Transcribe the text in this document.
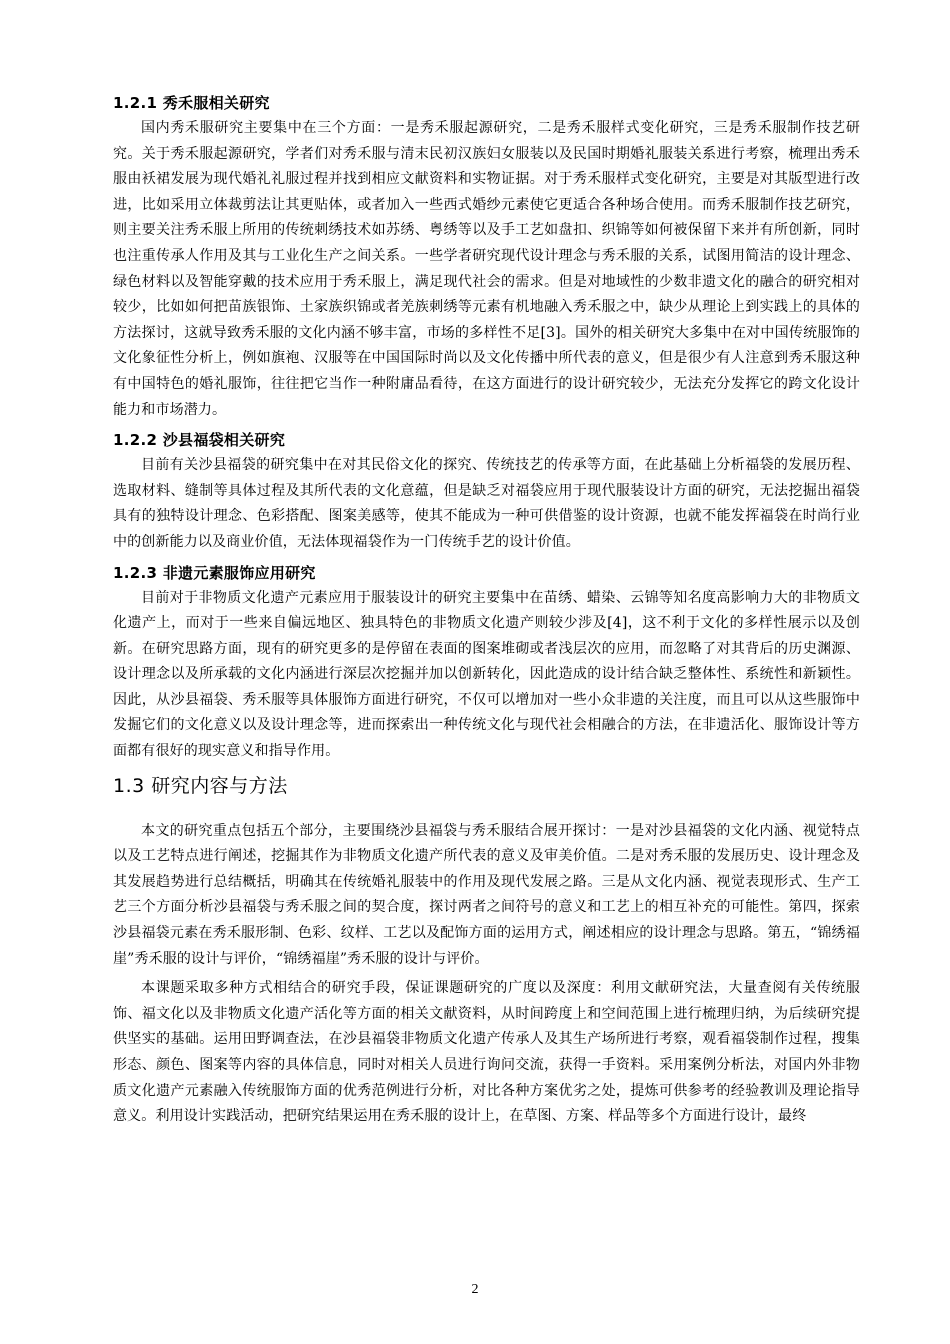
1.2.1 秀禾服相关研究

国内秀禾服研究主要集中在三个方面：一是秀禾服起源研究，二是秀禾服样式变化研究，三是秀禾服制作技艺研究。关于秀禾服起源研究，学者们对秀禾服与清末民初汉族妇女服装以及民国时期婚礼服装关系进行考察，梳理出秀禾服由袄裙发展为现代婚礼礼服过程并找到相应文献资料和实物证据。对于秀禾服样式变化研究，主要是对其版型进行改进，比如采用立体裁剪法让其更贴体，或者加入一些西式婚纱元素使它更适合各种场合使用。而秀禾服制作技艺研究，则主要关注秀禾服上所用的传统刺绣技术如苏绣、粤绣等以及手工艺如盘扣、织锦等如何被保留下来并有所创新，同时也注重传承人作用及其与工业化生产之间关系。一些学者研究现代设计理念与秀禾服的关系，试图用简洁的设计理念、绿色材料以及智能穿戴的技术应用于秀禾服上，满足现代社会的需求。但是对地域性的少数非遗文化的融合的研究相对较少，比如如何把苗族银饰、土家族织锦或者羌族刺绣等元素有机地融入秀禾服之中，缺少从理论上到实践上的具体的方法探讨，这就导致秀禾服的文化内涵不够丰富，市场的多样性不足[3]。国外的相关研究大多集中在对中国传统服饰的文化象征性分析上，例如旗袍、汉服等在中国国际时尚以及文化传播中所代表的意义，但是很少有人注意到秀禾服这种有中国特色的婚礼服饰，往往把它当作一种附庸品看待，在这方面进行的设计研究较少，无法充分发挥它的跨文化设计能力和市场潜力。

1.2.2 沙县福袋相关研究

目前有关沙县福袋的研究集中在对其民俗文化的探究、传统技艺的传承等方面，在此基础上分析福袋的发展历程、选取材料、缝制等具体过程及其所代表的文化意蕴，但是缺乏对福袋应用于现代服装设计方面的研究，无法挖掘出福袋具有的独特设计理念、色彩搭配、图案美感等，使其不能成为一种可供借鉴的设计资源，也就不能发挥福袋在时尚行业中的创新能力以及商业价值，无法体现福袋作为一门传统手艺的设计价值。

1.2.3 非遗元素服饰应用研究

目前对于非物质文化遗产元素应用于服装设计的研究主要集中在苗绣、蜡染、云锦等知名度高影响力大的非物质文化遗产上，而对于一些来自偏远地区、独具特色的非物质文化遗产则较少涉及[4]，这不利于文化的多样性展示以及创新。在研究思路方面，现有的研究更多的是停留在表面的图案堆砌或者浅层次的应用，而忽略了对其背后的历史渊源、设计理念以及所承载的文化内涵进行深层次挖掘并加以创新转化，因此造成的设计结合缺乏整体性、系统性和新颖性。因此，从沙县福袋、秀禾服等具体服饰方面进行研究，不仅可以增加对一些小众非遗的关注度，而且可以从这些服饰中发掘它们的文化意义以及设计理念等，进而探索出一种传统文化与现代社会相融合的方法，在非遗活化、服饰设计等方面都有很好的现实意义和指导作用。

1.3 研究内容与方法

本文的研究重点包括五个部分，主要围绕沙县福袋与秀禾服结合展开探讨：一是对沙县福袋的文化内涵、视觉特点以及工艺特点进行阐述，挖掘其作为非物质文化遗产所代表的意义及审美价值。二是对秀禾服的发展历史、设计理念及其发展趋势进行总结概括，明确其在传统婚礼服装中的作用及现代发展之路。三是从文化内涵、视觉表现形式、生产工艺三个方面分析沙县福袋与秀禾服之间的契合度，探讨两者之间符号的意义和工艺上的相互补充的可能性。第四，探索沙县福袋元素在秀禾服形制、色彩、纹样、工艺以及配饰方面的运用方式，阐述相应的设计理念与思路。第五，“锦绣福崖”秀禾服的设计与评价，“锦绣福崖”秀禾服的设计与评价。

本课题采取多种方式相结合的研究手段，保证课题研究的广度以及深度：利用文献研究法，大量查阅有关传统服饰、福文化以及非物质文化遗产活化等方面的相关文献资料，从时间跨度上和空间范围上进行梳理归纳，为后续研究提供坚实的基础。运用田野调查法，在沙县福袋非物质文化遗产传承人及其生产场所进行考察，观看福袋制作过程，搜集形态、颜色、图案等内容的具体信息，同时对相关人员进行询问交流，获得一手资料。采用案例分析法，对国内外非物质文化遗产元素融入传统服饰方面的优秀范例进行分析，对比各种方案优劣之处，提炼可供参考的经验教训及理论指导意义。利用设计实践活动，把研究结果运用在秀禾服的设计上，在草图、方案、样品等多个方面进行设计，最终

2
